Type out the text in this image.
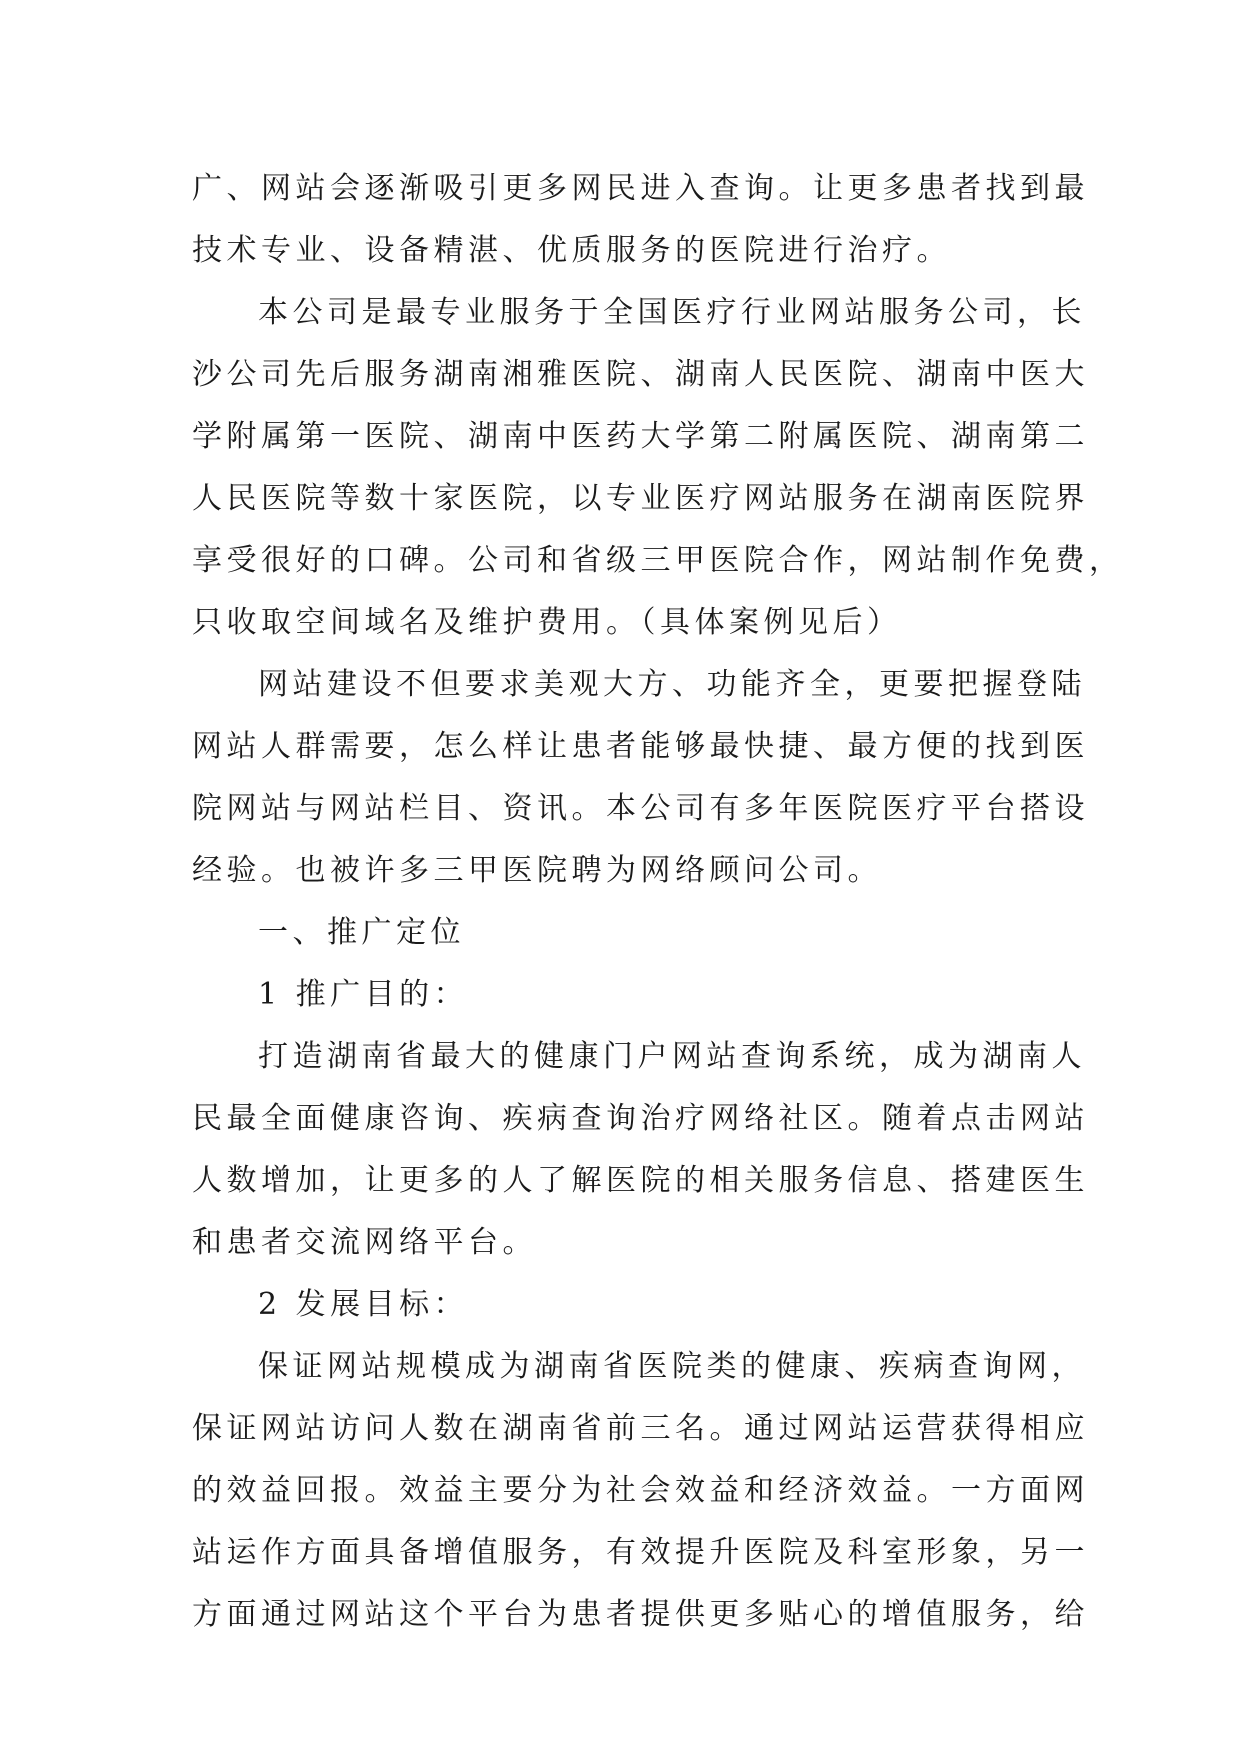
广、网站会逐渐吸引更多网民进入查询。让更多患者找到最
技术专业、设备精湛、优质服务的医院进行治疗。
本公司是最专业服务于全国医疗行业网站服务公司，长
沙公司先后服务湖南湘雅医院、湖南人民医院、湖南中医大
学附属第一医院、湖南中医药大学第二附属医院、湖南第二
人民医院等数十家医院，以专业医疗网站服务在湖南医院界
享受很好的口碑。公司和省级三甲医院合作，网站制作免费，
只收取空间域名及维护费用。（具体案例见后）
网站建设不但要求美观大方、功能齐全，更要把握登陆
网站人群需要，怎么样让患者能够最快捷、最方便的找到医
院网站与网站栏目、资讯。本公司有多年医院医疗平台搭设
经验。也被许多三甲医院聘为网络顾问公司。
一、推广定位
1 推广目的：
打造湖南省最大的健康门户网站查询系统，成为湖南人
民最全面健康咨询、疾病查询治疗网络社区。随着点击网站
人数增加，让更多的人了解医院的相关服务信息、搭建医生
和患者交流网络平台。
2 发展目标：
保证网站规模成为湖南省医院类的健康、疾病查询网，
保证网站访问人数在湖南省前三名。通过网站运营获得相应
的效益回报。效益主要分为社会效益和经济效益。一方面网
站运作方面具备增值服务，有效提升医院及科室形象，另一
方面通过网站这个平台为患者提供更多贴心的增值服务，给
